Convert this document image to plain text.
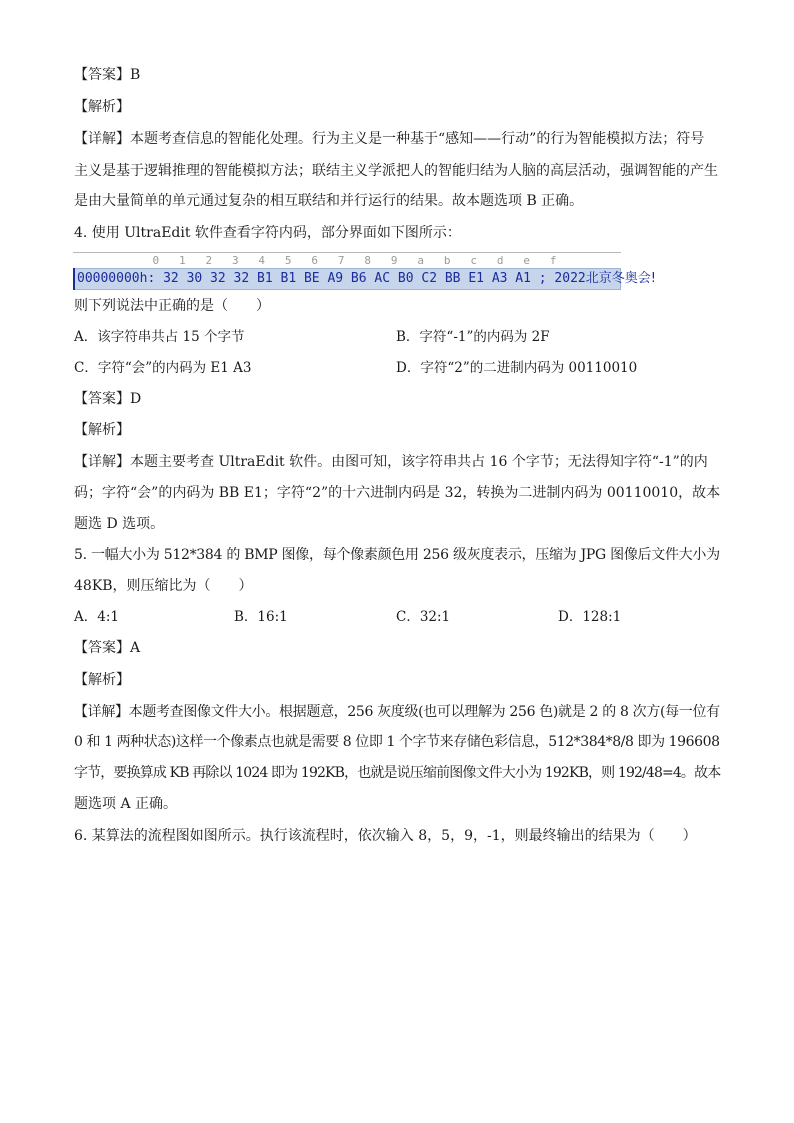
【答案】B
【解析】
【详解】本题考查信息的智能化处理。行为主义是一种基于“感知——行动”的行为智能模拟方法；符号
主义是基于逻辑推理的智能模拟方法；联结主义学派把人的智能归结为人脑的高层活动，强调智能的产生
是由大量简单的单元通过复杂的相互联结和并行运行的结果。故本题选项 B 正确。
4. 使用 UltraEdit 软件查看字符内码，部分界面如下图所示：
0   1   2   3   4   5   6   7   8   9   a   b   c   d   e   f
00000000h: 32 30 32 32 B1 B1 BE A9 B6 AC B0 C2 BB E1 A3 A1 ; 2022北京冬奥会!
则下列说法中正确的是（　　）
A．该字符串共占 15 个字节	B．字符“-1”的内码为 2F
C．字符“会”的内码为 E1 A3	D．字符“2”的二进制内码为 00110010
【答案】D
【解析】
【详解】本题主要考查 UltraEdit 软件。由图可知，该字符串共占 16 个字节；无法得知字符“-1”的内
码；字符“会”的内码为 BB E1；字符“2”的十六进制内码是 32，转换为二进制内码为 00110010，故本
题选 D 选项。
5. 一幅大小为 512*384 的 BMP 图像，每个像素颜色用 256 级灰度表示，压缩为 JPG 图像后文件大小为
48KB，则压缩比为（　　）
A．4:1	B．16:1	C．32:1	D．128:1
【答案】A
【解析】
【详解】本题考查图像文件大小。根据题意，256 灰度级(也可以理解为 256 色)就是 2 的 8 次方(每一位有
0 和 1 两种状态)这样一个像素点也就是需要 8 位即 1 个字节来存储色彩信息，512*384*8/8 即为 196608
字节，要换算成 KB 再除以 1024 即为 192KB，也就是说压缩前图像文件大小为 192KB，则 192/48=4。故本
题选项 A 正确。
6. 某算法的流程图如图所示。执行该流程时，依次输入 8，5，9，-1，则最终输出的结果为（　　）
